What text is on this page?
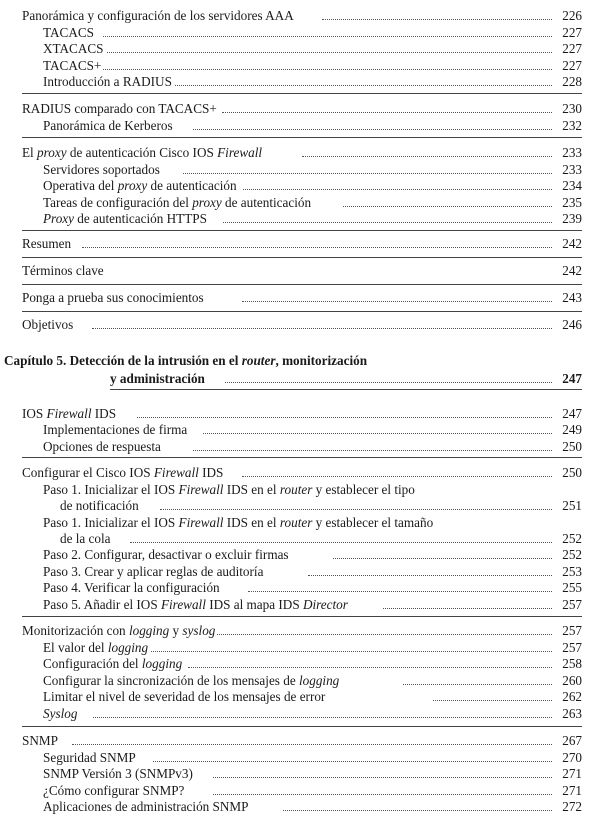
Panorámica y configuración de los servidores AAA	226
TACACS	227
XTACACS	227
TACACS+	227
Introducción a RADIUS	228
RADIUS comparado con TACACS+	230
Panorámica de Kerberos	232
El proxy de autenticación Cisco IOS Firewall	233
Servidores soportados	233
Operativa del proxy de autenticación	234
Tareas de configuración del proxy de autenticación	235
Proxy de autenticación HTTPS	239
Resumen	242
Términos clave	242
Ponga a prueba sus conocimientos	243
Objetivos	246
Capítulo 5. Detección de la intrusión en el router, monitorización
y administración	247
IOS Firewall IDS	247
Implementaciones de firma	249
Opciones de respuesta	250
Configurar el Cisco IOS Firewall IDS	250
Paso 1. Inicializar el IOS Firewall IDS en el router y establecer el tipo
de notificación	251
Paso 1. Inicializar el IOS Firewall IDS en el router y establecer el tamaño
de la cola	252
Paso 2. Configurar, desactivar o excluir firmas	252
Paso 3. Crear y aplicar reglas de auditoría	253
Paso 4. Verificar la configuración	255
Paso 5. Añadir el IOS Firewall IDS al mapa IDS Director	257
Monitorización con logging y syslog	257
El valor del logging	257
Configuración del logging	258
Configurar la sincronización de los mensajes de logging	260
Limitar el nivel de severidad de los mensajes de error	262
Syslog	263
SNMP	267
Seguridad SNMP	270
SNMP Versión 3 (SNMPv3)	271
¿Cómo configurar SNMP?	271
Aplicaciones de administración SNMP	272
